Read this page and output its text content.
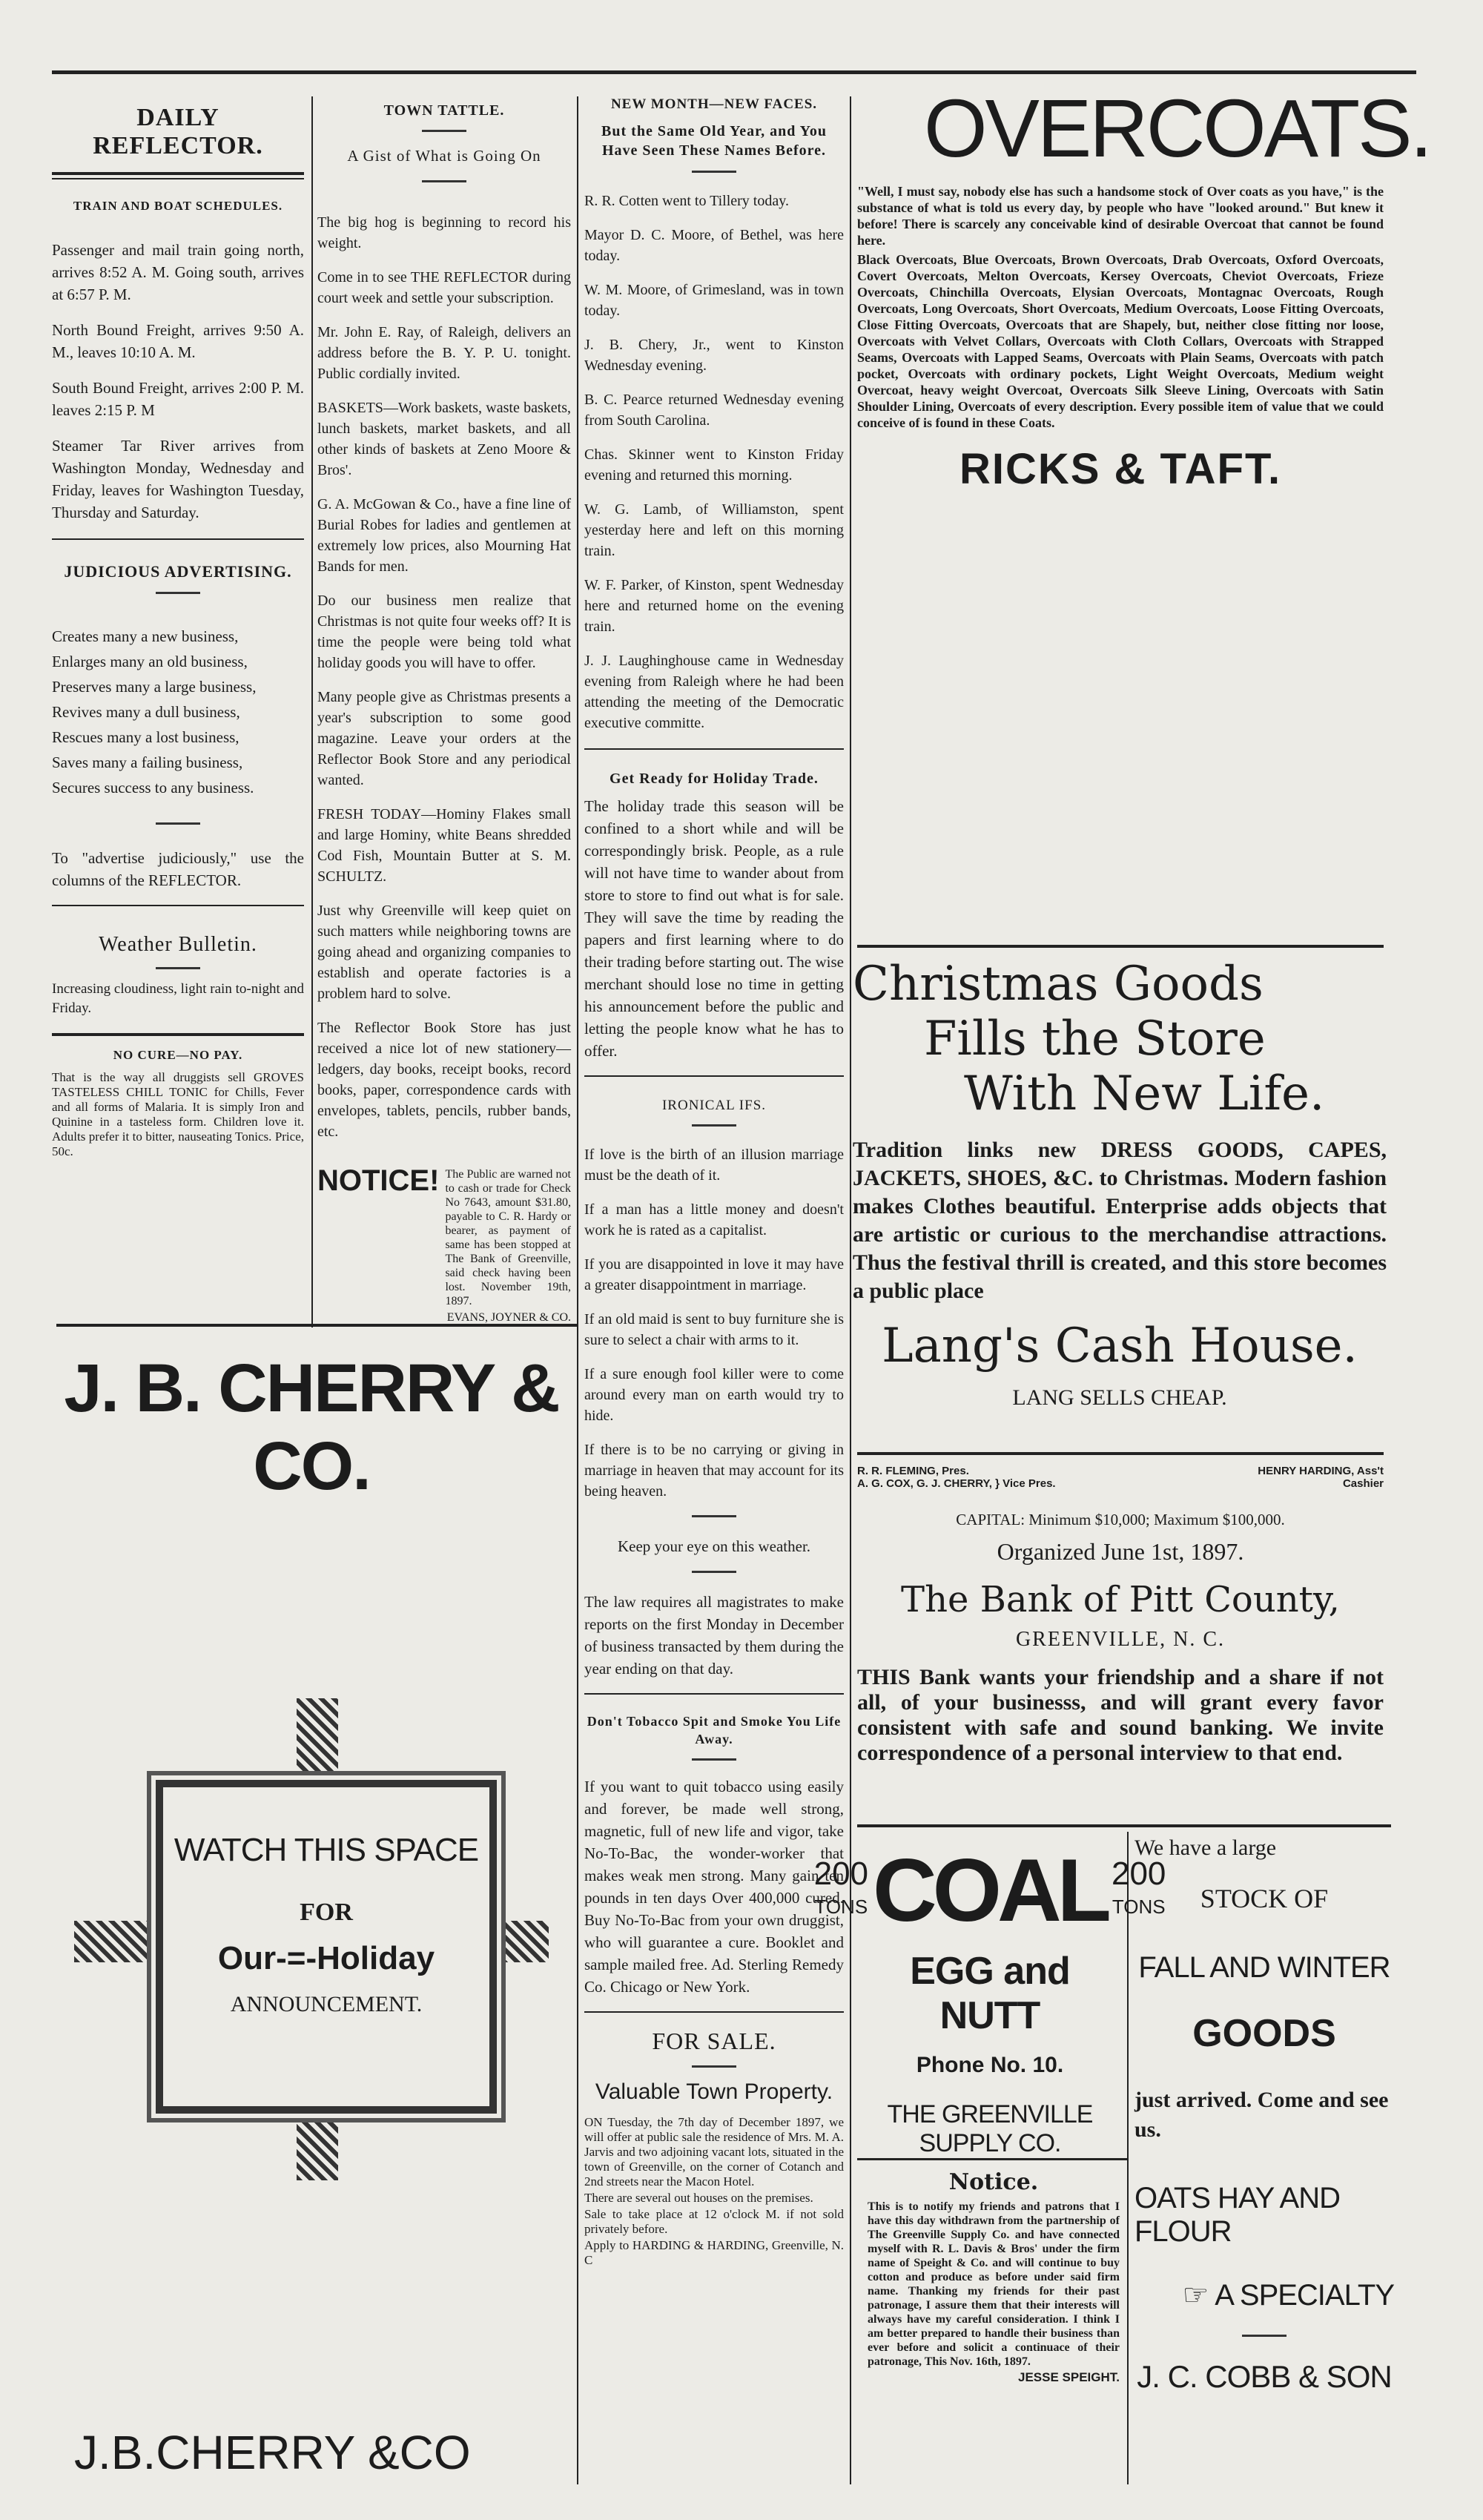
DAILY REFLECTOR.
TRAIN AND BOAT SCHEDULES.

Passenger and mail train going north, arrives 8:52 A. M. Going south, arrives at 6:57 P. M.

North Bound Freight, arrives 9:50 A. M., leaves 10:10 A. M.

South Bound Freight, arrives 2:00 P. M. leaves 2:15 P. M

Steamer Tar River arrives from Washington Monday, Wednesday and Friday, leaves for Washington Tuesday, Thursday and Saturday.

JUDICIOUS ADVERTISING.

Creates many a new business,

Enlarges many an old business,

Preserves many a large business,

Revives many a dull business,

Rescues many a lost business,

Saves many a failing business,

Secures success to any business.

To "advertise judiciously," use the columns of the REFLECTOR.

Weather Bulletin.

Increasing cloudiness, light rain to-night and Friday.

NO CURE—NO PAY.

That is the way all druggists sell GROVES TASTELESS CHILL TONIC for Chills, Fever and all forms of Malaria. It is simply Iron and Quinine in a tasteless form. Children love it. Adults prefer it to bitter, nauseating Tonics. Price, 50c.

TOWN TATTLE.
A Gist of What is Going On

The big hog is beginning to record his weight.

Come in to see THE REFLECTOR during court week and settle your subscription.

Mr. John E. Ray, of Raleigh, delivers an address before the B. Y. P. U. tonight. Public cordially invited.

BASKETS—Work baskets, waste baskets, lunch baskets, market baskets, and all other kinds of baskets at Zeno Moore & Bros'.

G. A. McGowan & Co., have a fine line of Burial Robes for ladies and gentlemen at extremely low prices, also Mourning Hat Bands for men.

Do our business men realize that Christmas is not quite four weeks off? It is time the people were being told what holiday goods you will have to offer.

Many people give as Christmas presents a year's subscription to some good magazine. Leave your orders at the Reflector Book Store and any periodical wanted.

FRESH TODAY—Hominy Flakes small and large Hominy, white Beans shredded Cod Fish, Mountain Butter at S. M. SCHULTZ.

Just why Greenville will keep quiet on such matters while neighboring towns are going ahead and organizing companies to establish and operate factories is a problem hard to solve.

The Reflector Book Store has just received a nice lot of new stationery—ledgers, day books, receipt books, record books, paper, correspondence cards with envelopes, tablets, pencils, rubber bands, etc.

NOTICE! The Public are warned not to cash or trade for Check No 7643, amount $31.80, payable to C. R. Hardy or bearer, as payment of same has been stopped at The Bank of Greenville, said check having been lost. November 19th, 1897.

EVANS, JOYNER & CO.
J. B. CHERRY & CO.
WATCH THIS SPACE
FOR
Our-=-Holiday
ANNOUNCEMENT.
J.B.CHERRY &CO
NEW MONTH—NEW FACES.
But the Same Old Year, and You Have Seen These Names Before.

R. R. Cotten went to Tillery today.

Mayor D. C. Moore, of Bethel, was here today.

W. M. Moore, of Grimesland, was in town today.

J. B. Chery, Jr., went to Kinston Wednesday evening.

B. C. Pearce returned Wednesday evening from South Carolina.

Chas. Skinner went to Kinston Friday evening and returned this morning.

W. G. Lamb, of Williamston, spent yesterday here and left on this morning train.

W. F. Parker, of Kinston, spent Wednesday here and returned home on the evening train.

J. J. Laughinghouse came in Wednesday evening from Raleigh where he had been attending the meeting of the Democratic executive committe.

Get Ready for Holiday Trade.

The holiday trade this season will be confined to a short while and will be correspondingly brisk. People, as a rule will not have time to wander about from store to store to find out what is for sale. They will save the time by reading the papers and first learning where to do their trading before starting out. The wise merchant should lose no time in getting his announcement before the public and letting the people know what he has to offer.

IRONICAL IFS.

If love is the birth of an illusion marriage must be the death of it.

If a man has a little money and doesn't work he is rated as a capitalist.

If you are disappointed in love it may have a greater disappointment in marriage.

If an old maid is sent to buy furniture she is sure to select a chair with arms to it.

If a sure enough fool killer were to come around every man on earth would try to hide.

If there is to be no carrying or giving in marriage in heaven that may account for its being heaven.

Keep your eye on this weather.

The law requires all magistrates to make reports on the first Monday in December of business transacted by them during the year ending on that day.

Don't Tobacco Spit and Smoke You Life Away.

If you want to quit tobacco using easily and forever, be made well strong, magnetic, full of new life and vigor, take No-To-Bac, the wonder-worker that makes weak men strong. Many gain ten pounds in ten days Over 400,000 cured. Buy No-To-Bac from your own druggist, who will guarantee a cure. Booklet and sample mailed free. Ad. Sterling Remedy Co. Chicago or New York.

FOR SALE.
Valuable Town Property.

ON Tuesday, the 7th day of December 1897, we will offer at public sale the residence of Mrs. M. A. Jarvis and two adjoining vacant lots, situated in the town of Greenville, on the corner of Cotanch and 2nd streets near the Macon Hotel.

There are several out houses on the premises.

Sale to take place at 12 o'clock M. if not sold privately before.

Apply to HARDING & HARDING, Greenville, N. C

OVERCOATS.

"Well, I must say, nobody else has such a handsome stock of Over coats as you have," is the substance of what is told us every day, by people who have "looked around." But knew it before! There is scarcely any conceivable kind of desirable Overcoat that cannot be found here.

Black Overcoats, Blue Overcoats, Brown Overcoats, Drab Overcoats, Oxford Overcoats, Covert Overcoats, Melton Overcoats, Kersey Overcoats, Cheviot Overcoats, Frieze Overcoats, Chinchilla Overcoats, Elysian Overcoats, Montagnac Overcoats, Rough Overcoats, Long Overcoats, Short Overcoats, Medium Overcoats, Loose Fitting Overcoats, Close Fitting Overcoats, Overcoats that are Shapely, but, neither close fitting nor loose, Overcoats with Velvet Collars, Overcoats with Cloth Collars, Overcoats with Strapped Seams, Overcoats with Lapped Seams, Overcoats with Plain Seams, Overcoats with patch pocket, Overcoats with ordinary pockets, Light Weight Overcoats, Medium weight Overcoat, heavy weight Overcoat, Overcoats Silk Sleeve Lining, Overcoats with Satin Shoulder Lining, Overcoats of every description. Every possible item of value that we could conceive of is found in these Coats.

RICKS & TAFT.
Christmas Goods
Fills the Store
With New Life.

Tradition links new DRESS GOODS, CAPES, JACKETS, SHOES, &C. to Christmas. Modern fashion makes Clothes beautiful. Enterprise adds objects that are artistic or curious to the merchandise attractions. Thus the festival thrill is created, and this store becomes a public place

Lang's Cash House.
LANG SELLS CHEAP.
R. R. FLEMING, Pres.
A. G. COX, G. J. CHERRY, } Vice Pres.
HENRY HARDING, Ass't Cashier
CAPITAL: Minimum $10,000; Maximum $100,000.
Organized June 1st, 1897.
The Bank of Pitt County,
GREENVILLE, N. C.

THIS Bank wants your friendship and a share if not all, of your businesss, and will grant every favor consistent with safe and sound banking. We invite correspondence of a personal interview to that end.

200
TONS COAL 200
TONS
EGG and NUTT
Phone No. 10.
THE GREENVILLE SUPPLY CO.
Notice.

This is to notify my friends and patrons that I have this day withdrawn from the partnership of The Greenville Supply Co. and have connected myself with R. L. Davis & Bros' under the firm name of Speight & Co. and will continue to buy cotton and produce as before under said firm name. Thanking my friends for their past patronage, I assure them that their interests will always have my careful consideration. I think I am better prepared to handle their business than ever before and solicit a continuace of their patronage, This Nov. 16th, 1897.

JESSE SPEIGHT.
We have a large
STOCK OF
FALL AND WINTER
GOODS
just arrived. Come and see us.
OATS HAY AND FLOUR
☞ A SPECIALTY
J. C. COBB & SON
